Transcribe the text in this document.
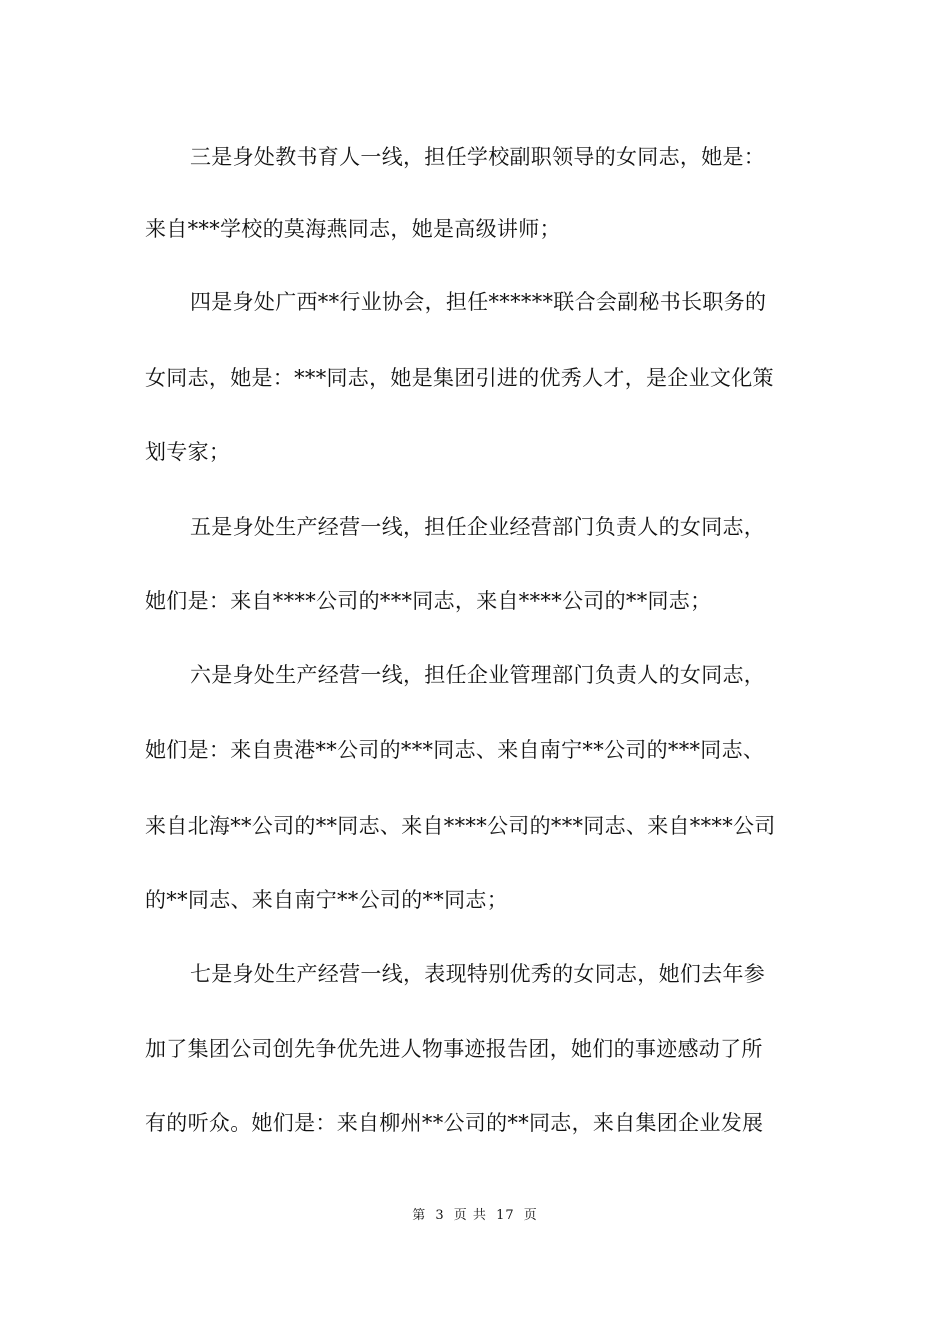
三是身处教书育人一线，担任学校副职领导的女同志，她是：
来自***学校的莫海燕同志，她是高级讲师；
四是身处广西**行业协会，担任******联合会副秘书长职务的
女同志，她是：***同志，她是集团引进的优秀人才，是企业文化策
划专家；
五是身处生产经营一线，担任企业经营部门负责人的女同志，
她们是：来自****公司的***同志，来自****公司的**同志；
六是身处生产经营一线，担任企业管理部门负责人的女同志，
她们是：来自贵港**公司的***同志、来自南宁**公司的***同志、
来自北海**公司的**同志、来自****公司的***同志、来自****公司
的**同志、来自南宁**公司的**同志；
七是身处生产经营一线，表现特别优秀的女同志，她们去年参
加了集团公司创先争优先进人物事迹报告团，她们的事迹感动了所
有的听众。她们是：来自柳州**公司的**同志，来自集团企业发展
第 3 页 共 17 页
